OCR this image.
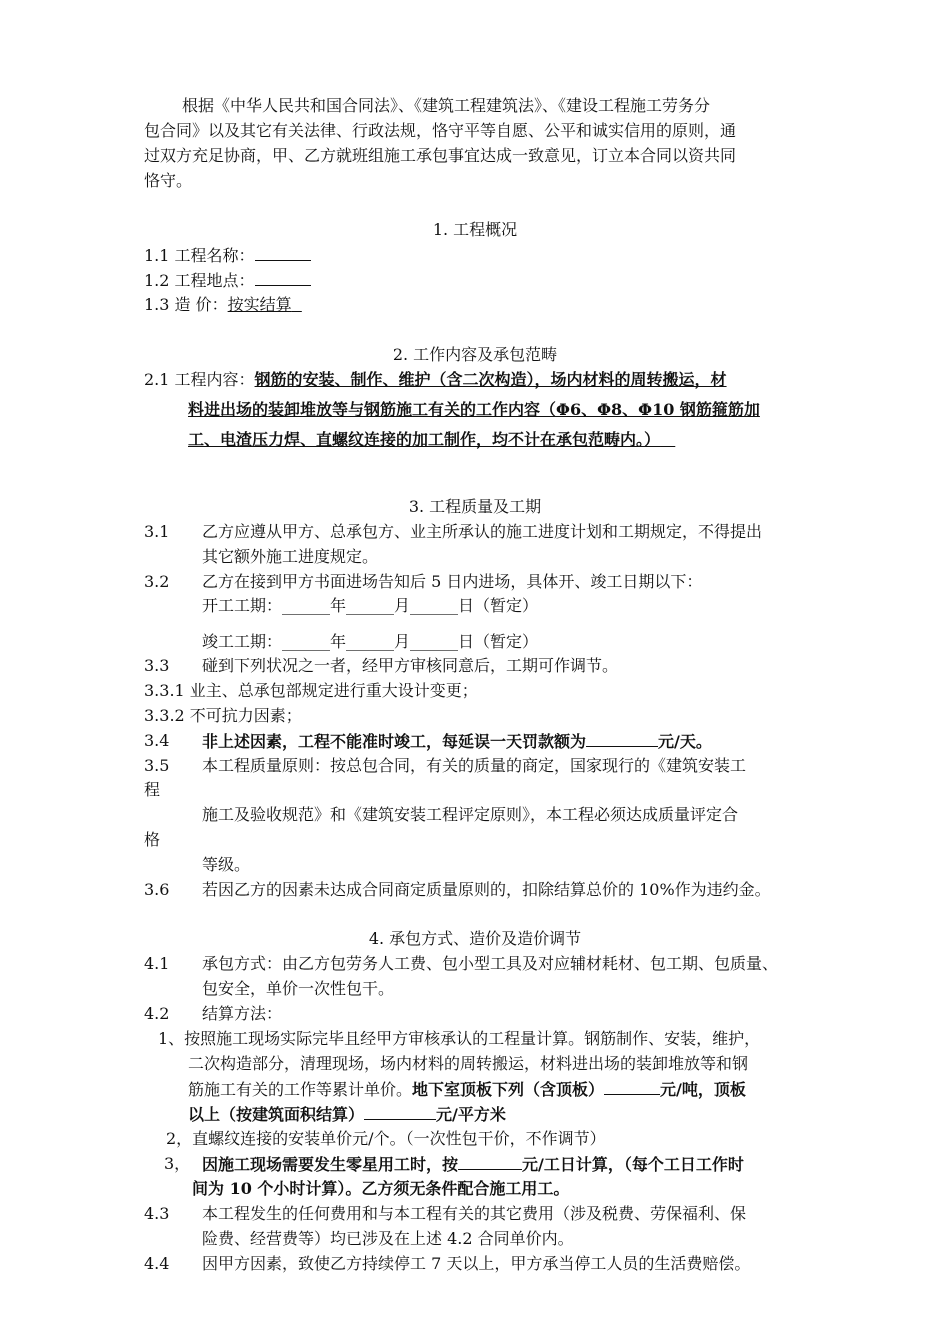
根据《中华人民共和国合同法》、《建筑工程建筑法》、《建设工程施工劳务分
包合同》以及其它有关法律、行政法规，恪守平等自愿、公平和诚实信用的原则，通
过双方充足协商，甲、乙方就班组施工承包事宜达成一致意见，订立本合同以资共同
恪守。
1. 工程概况
1.1 工程名称：
1.2 工程地点：
1.3 造 价：按实结算
2. 工作内容及承包范畴
2.1 工程内容：钢筋的安装、制作、维护（含二次构造），场内材料的周转搬运，材
料进出场的装卸堆放等与钢筋施工有关的工作内容（Φ6、Φ8、Φ10 钢筋箍筋加
工、电渣压力焊、直螺纹连接的加工制作，均不计在承包范畴内。）
3. 工程质量及工期
3.1 乙方应遵从甲方、总承包方、业主所承认的施工进度计划和工期规定，不得提出
其它额外施工进度规定。
3.2 乙方在接到甲方书面进场告知后 5 日内进场，具体开、竣工日期以下：
开工工期：______年______月______日（暂定）
竣工工期：______年______月______日（暂定）
3.3 碰到下列状况之一者，经甲方审核同意后，工期可作调节。
3.3.1 业主、总承包部规定进行重大设计变更；
3.3.2 不可抗力因素；
3.4 非上述因素，工程不能准时竣工，每延误一天罚款额为	元/天。
3.5 本工程质量原则：按总包合同，有关的质量的商定，国家现行的《建筑安装工
程
施工及验收规范》和《建筑安装工程评定原则》，本工程必须达成质量评定合
格
等级。
3.6 若因乙方的因素未达成合同商定质量原则的，扣除结算总价的 10%作为违约金。
4. 承包方式、造价及造价调节
4.1 承包方式：由乙方包劳务人工费、包小型工具及对应辅材耗材、包工期、包质量、
包安全，单价一次性包干。
4.2 结算方法：
1、按照施工现场实际完毕且经甲方审核承认的工程量计算。钢筋制作、安装，维护，
二次构造部分，清理现场，场内材料的周转搬运，材料进出场的装卸堆放等和钢
筋施工有关的工作等累计单价。地下室顶板下列（含顶板）	元/吨，顶板
以上（按建筑面积结算）	元/平方米
2，直螺纹连接的安装单价元/个。（一次性包干价，不作调节）
3， 因施工现场需要发生零星用工时，按	元/工日计算，（每个工日工作时
间为 10 个小时计算）。乙方须无条件配合施工用工。
4.3 本工程发生的任何费用和与本工程有关的其它费用（涉及税费、劳保福利、保
险费、经营费等）均已涉及在上述 4.2 合同单价内。
4.4 因甲方因素，致使乙方持续停工 7 天以上，甲方承当停工人员的生活费赔偿。
